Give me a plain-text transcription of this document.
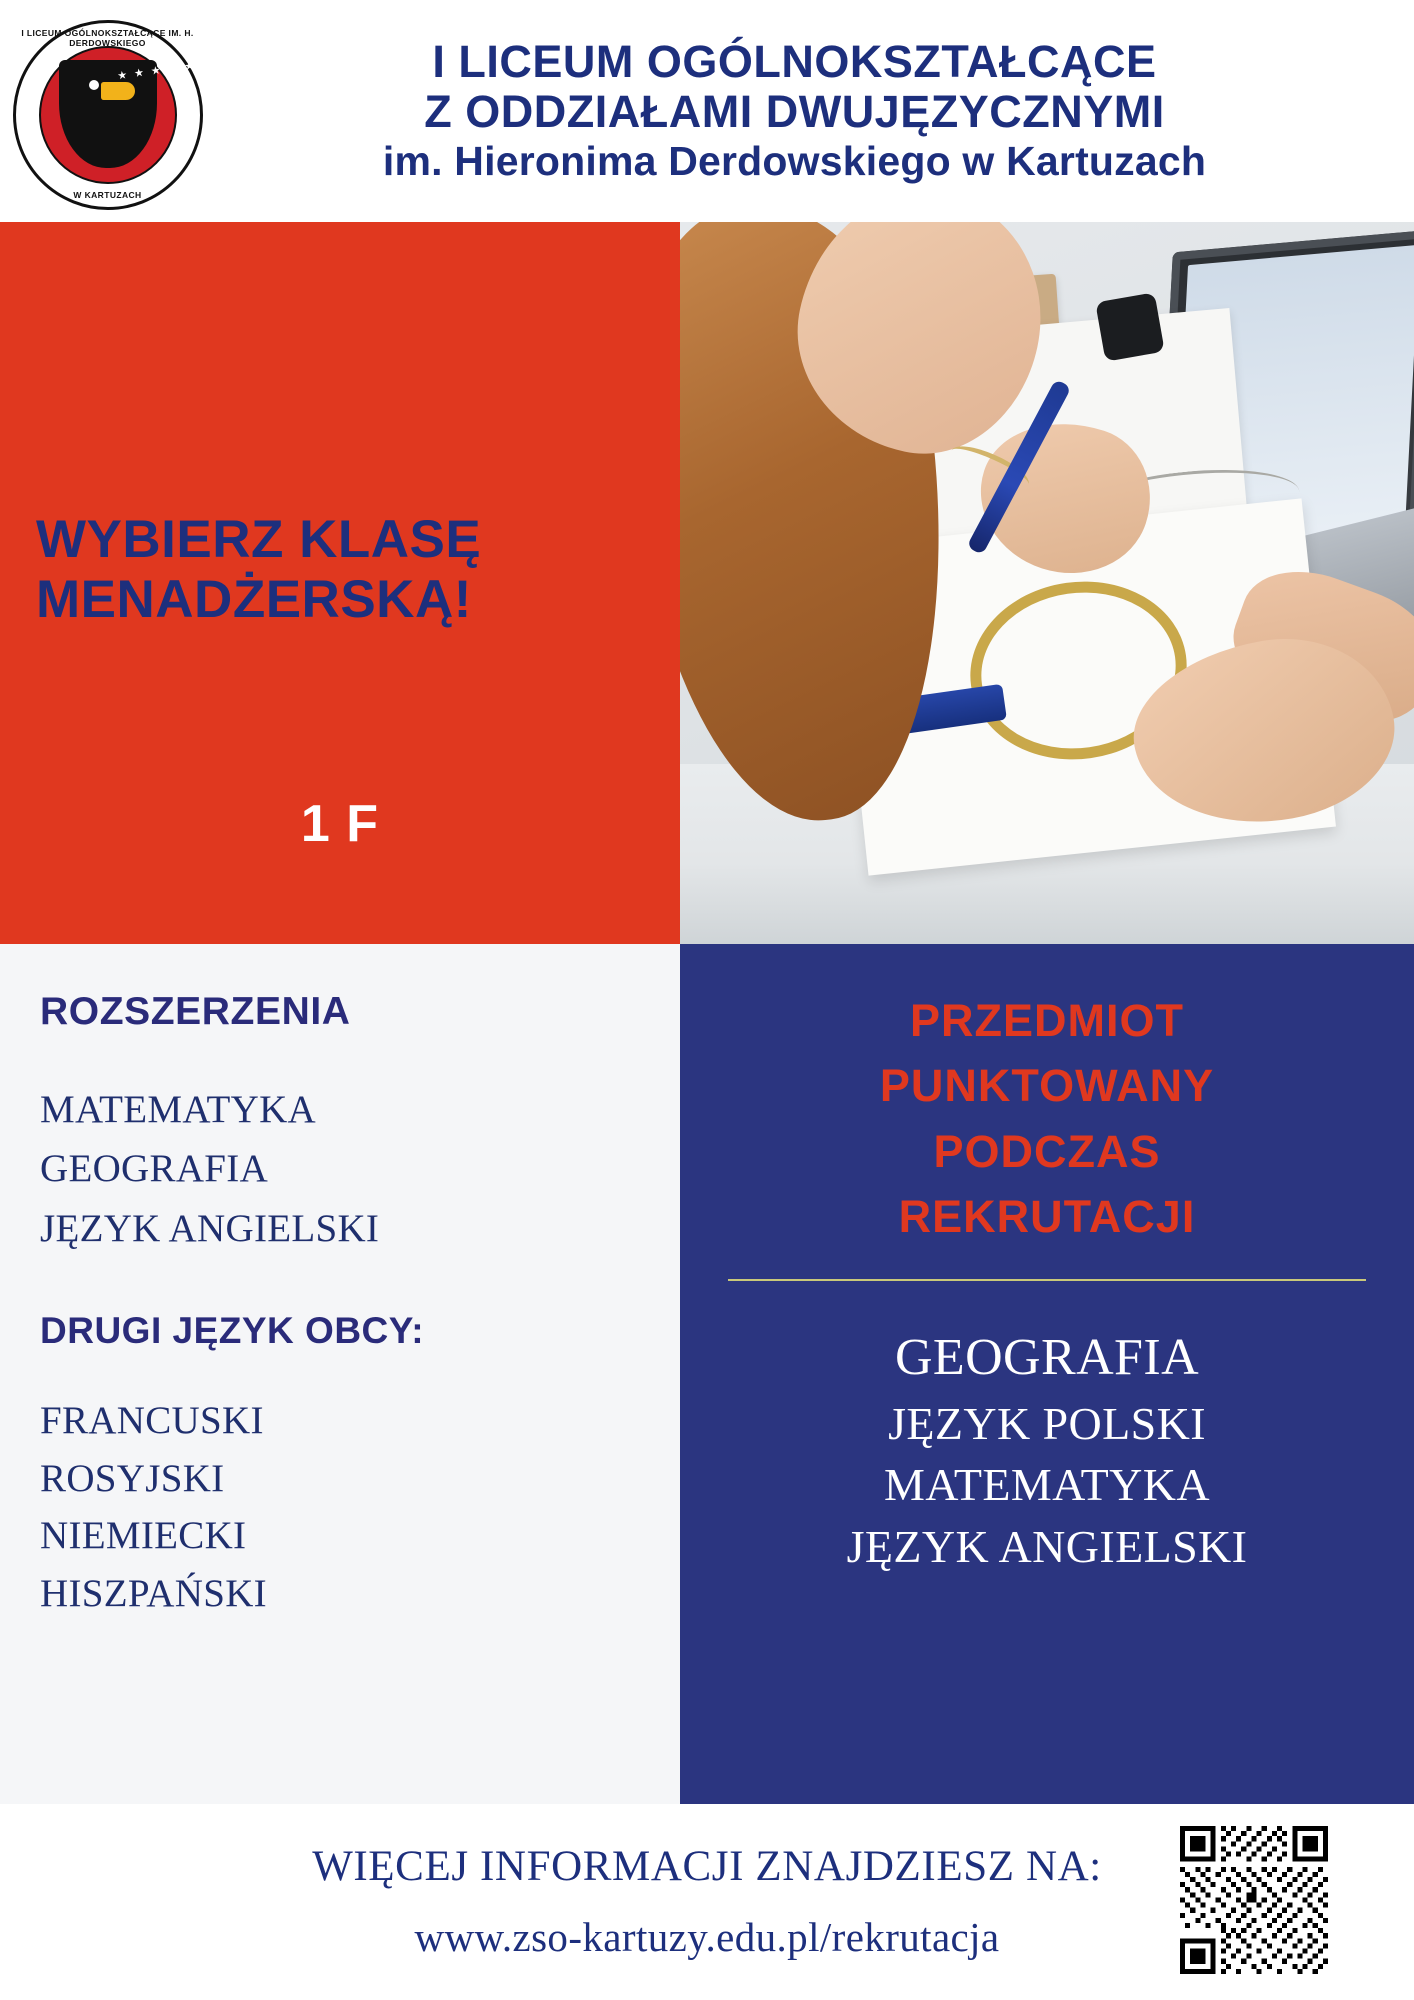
★ ★ ★ ★ ★
I LICEUM OGÓLNOKSZTAŁCĄCE IM. H. DERDOWSKIEGO
W KARTUZACH
I LICEUM OGÓLNOKSZTAŁCĄCE
Z ODDZIAŁAMI DWUJĘZYCZNYMI
im. Hieronima Derdowskiego w Kartuzach
WYBIERZ KLASĘ
MENADŻERSKĄ!
1 F
ROZSZERZENIA
MATEMATYKA
GEOGRAFIA
JĘZYK ANGIELSKI
DRUGI JĘZYK OBCY:
FRANCUSKI
ROSYJSKI
NIEMIECKI
HISZPAŃSKI
PRZEDMIOT
PUNKTOWANY
PODCZAS
REKRUTACJI
GEOGRAFIA
JĘZYK POLSKI
MATEMATYKA
JĘZYK ANGIELSKI
WIĘCEJ INFORMACJI ZNAJDZIESZ NA:
www.zso-kartuzy.edu.pl/rekrutacja
